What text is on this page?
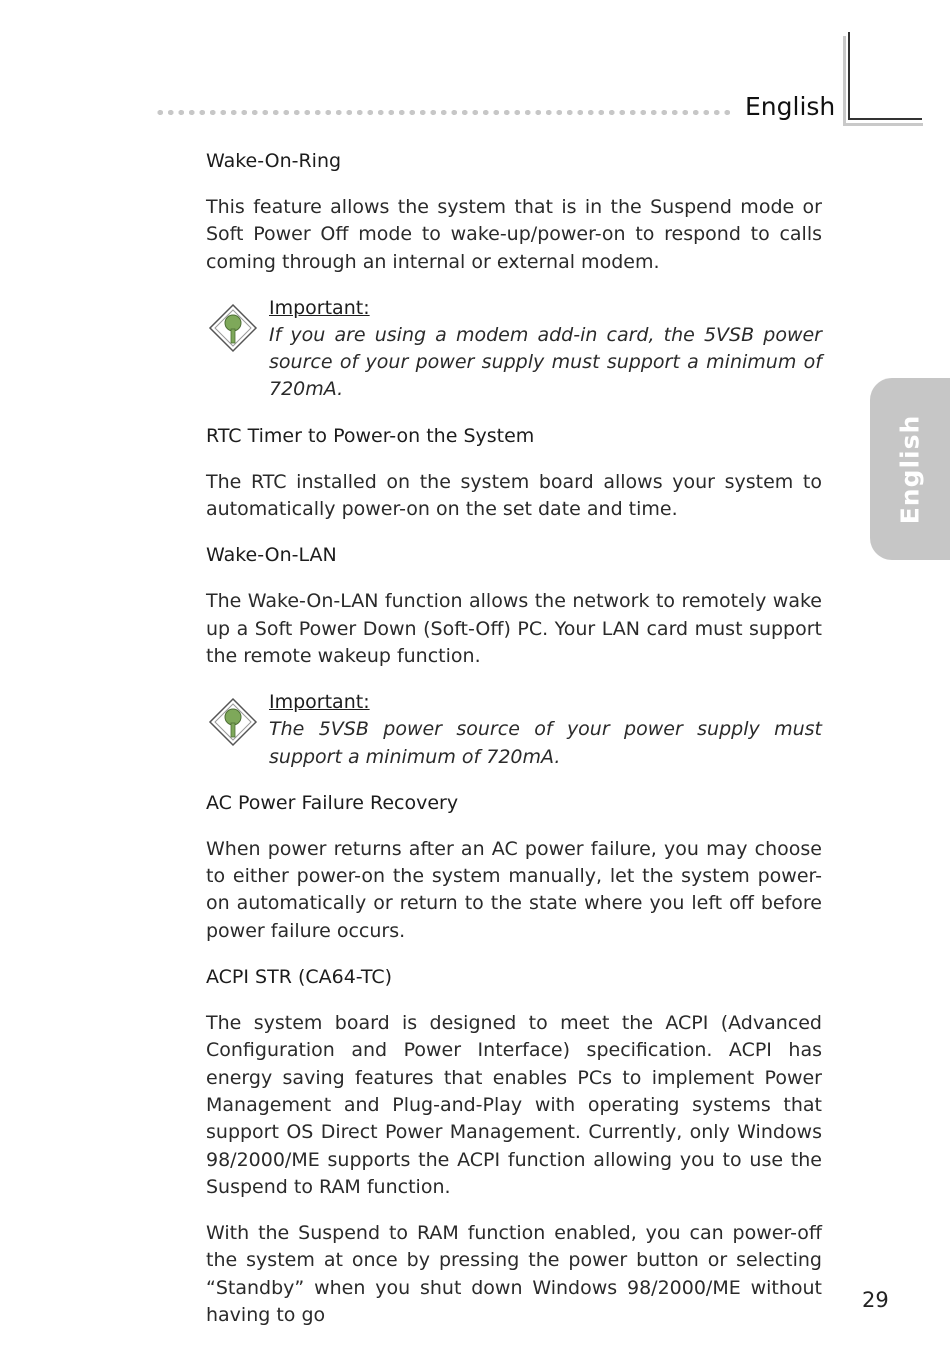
English
English

Wake-On-Ring

This feature allows the system that is in the Suspend mode or Soft Power Off mode to wake-up/power-on to respond to calls coming through an internal or external modem.

Important:

If you are using a modem add-in card, the 5VSB power source of your power supply must support a minimum of 720mA.

RTC Timer to Power-on the System

The RTC installed on the system board allows your system to automatically power-on on the set date and time.

Wake-On-LAN

The Wake-On-LAN function allows the network to remotely wake up a Soft Power Down (Soft-Off) PC. Your LAN card must support the remote wakeup function.

Important:

The 5VSB power source of your power supply must support a minimum of 720mA.

AC Power Failure Recovery

When power returns after an AC power failure, you may choose to either power-on the system manually, let the system power-on automatically or return to the state where you left off before power failure occurs.

ACPI STR (CA64-TC)

The system board is designed to meet the ACPI (Advanced Configuration and Power Interface) specification. ACPI has energy saving features that enables PCs to implement Power Management and Plug-and-Play with operating systems that support OS Direct Power Management. Currently, only Windows 98/2000/ME supports the ACPI function allowing you to use the Suspend to RAM function.

With the Suspend to RAM function enabled, you can power-off the system at once by pressing the power button or selecting “Standby” when you shut down Windows 98/2000/ME without having to go

29
